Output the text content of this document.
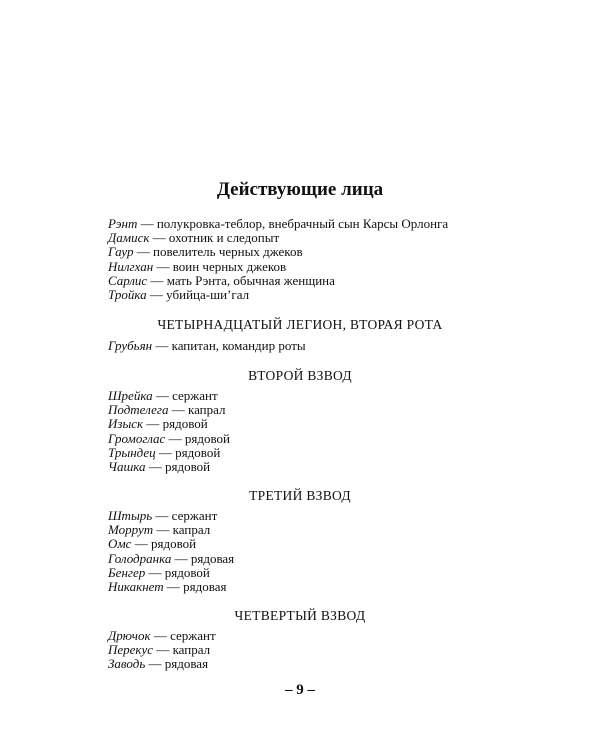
Действующие лица
Рэнт — полукровка-теблор, внебрачный сын Карсы Орлонга
Дамиск — охотник и следопыт
Гаур — повелитель черных джеков
Нилгхан — воин черных джеков
Сарлис — мать Рэнта, обычная женщина
Тройка — убийца-ши’гал
ЧЕТЫРНАДЦАТЫЙ ЛЕГИОН, ВТОРАЯ РОТА
Грубьян — капитан, командир роты
ВТОРОЙ ВЗВОД
Шрейка — сержант
Подтелега — капрал
Изыск — рядовой
Громоглас — рядовой
Трындец — рядовой
Чашка — рядовой
ТРЕТИЙ ВЗВОД
Штырь — сержант
Моррут — капрал
Омс — рядовой
Голодранка — рядовая
Бенгер — рядовой
Никакнет — рядовая
ЧЕТВЕРТЫЙ ВЗВОД
Дрючок — сержант
Перекус — капрал
Заводь — рядовая
– 9 –
